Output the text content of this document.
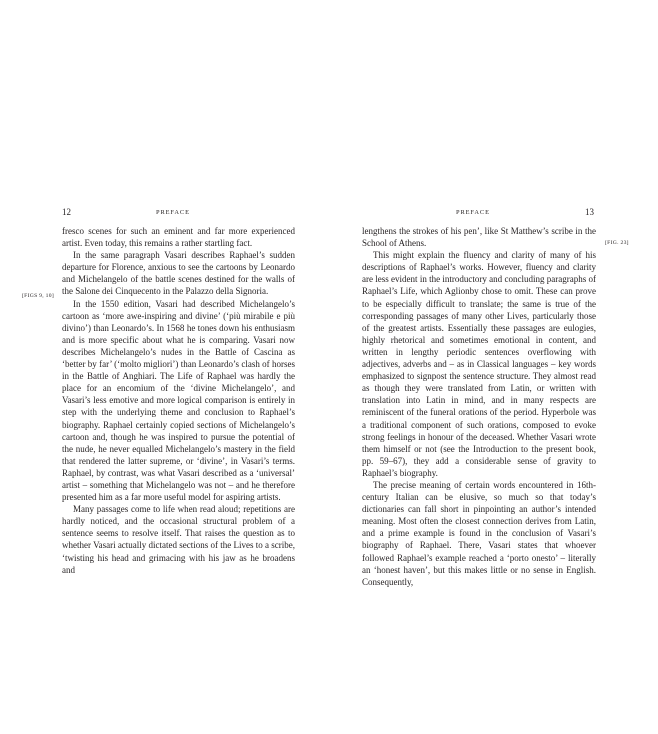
12	PREFACE
[FIGS 9, 10]

fresco scenes for such an eminent and far more experienced artist. Even today, this remains a rather startling fact.

In the same paragraph Vasari describes Raphael’s sudden departure for Florence, anxious to see the cartoons by Leonardo and Michelangelo of the battle scenes destined for the walls of the Salone dei Cinquecento in the Palazzo della Signoria.

In the 1550 edition, Vasari had described Michelangelo’s cartoon as ‘more awe-inspiring and divine’ (‘più mirabile e più divino’) than Leonardo’s. In 1568 he tones down his enthusiasm and is more specific about what he is comparing. Vasari now describes Michelangelo’s nudes in the Battle of Cascina as ‘better by far’ (‘molto migliori’) than Leonardo’s clash of horses in the Battle of Anghiari. The Life of Raphael was hardly the place for an encomium of the ‘divine Michelangelo’, and Vasari’s less emotive and more logical comparison is entirely in step with the underlying theme and conclusion to Raphael’s biography. Raphael certainly copied sections of Michelangelo’s cartoon and, though he was inspired to pursue the potential of the nude, he never equalled Michelangelo’s mastery in the field that rendered the latter supreme, or ‘divine’, in Vasari’s terms. Raphael, by contrast, was what Vasari described as a ‘universal’ artist – something that Michelangelo was not – and he therefore presented him as a far more useful model for aspiring artists.

Many passages come to life when read aloud; repetitions are hardly noticed, and the occasional structural problem of a sentence seems to resolve itself. That raises the question as to whether Vasari actually dictated sections of the Lives to a scribe, ‘twisting his head and grimacing with his jaw as he broadens and

PREFACE	13
[FIG. 23]

lengthens the strokes of his pen’, like St Matthew’s scribe in the School of Athens.

This might explain the fluency and clarity of many of his descriptions of Raphael’s works. However, fluency and clarity are less evident in the introductory and concluding paragraphs of Raphael’s Life, which Aglionby chose to omit. These can prove to be especially difficult to translate; the same is true of the corresponding passages of many other Lives, particularly those of the greatest artists. Essentially these passages are eulogies, highly rhetorical and sometimes emotional in content, and written in lengthy periodic sentences overflowing with adjectives, adverbs and – as in Classical languages – key words emphasized to signpost the sentence structure. They almost read as though they were translated from Latin, or written with translation into Latin in mind, and in many respects are reminiscent of the funeral orations of the period. Hyperbole was a traditional component of such orations, composed to evoke strong feelings in honour of the deceased. Whether Vasari wrote them himself or not (see the Introduction to the present book, pp. 59–67), they add a considerable sense of gravity to Raphael’s biography.

The precise meaning of certain words encountered in 16th-century Italian can be elusive, so much so that today’s dictionaries can fall short in pinpointing an author’s intended meaning. Most often the closest connection derives from Latin, and a prime example is found in the conclusion of Vasari’s biography of Raphael. There, Vasari states that whoever followed Raphael’s example reached a ‘porto onesto’ – literally an ‘honest haven’, but this makes little or no sense in English. Consequently,
